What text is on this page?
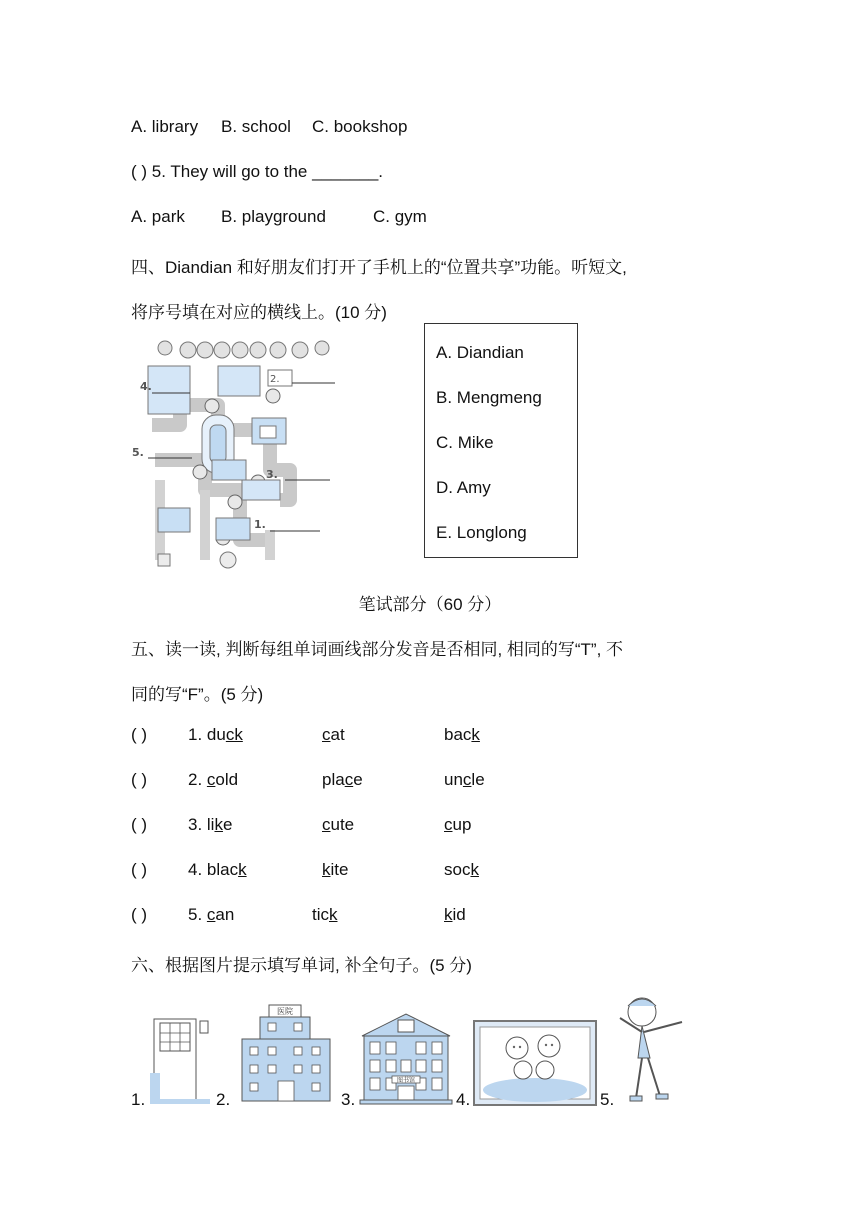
A. library B. school C. bookshop
( ) 5. They will go to the _______.
A. park B. playground	C. gym
四、Diandian 和好朋友们打开了手机上的“位置共享”功能。听短文,
将序号填在对应的横线上。(10 分)
2.
4.
5.
3.
1.
A. Diandian
B. Mengmeng
C. Mike
D. Amy
E. Longlong
笔试部分（60 分）
五、读一读, 判断每组单词画线部分发音是否相同, 相同的写“T”, 不
同的写“F”。(5 分)
( ) 1. duck	cat	back
( ) 2. cold	place	uncle
( ) 3. like	cute	cup
( ) 4. black	kite	sock
( ) 5. can	tick	kid
六、根据图片提示填写单词, 补全句子。(5 分)
1.	2.	3.	4.	5.
医院
图书馆
